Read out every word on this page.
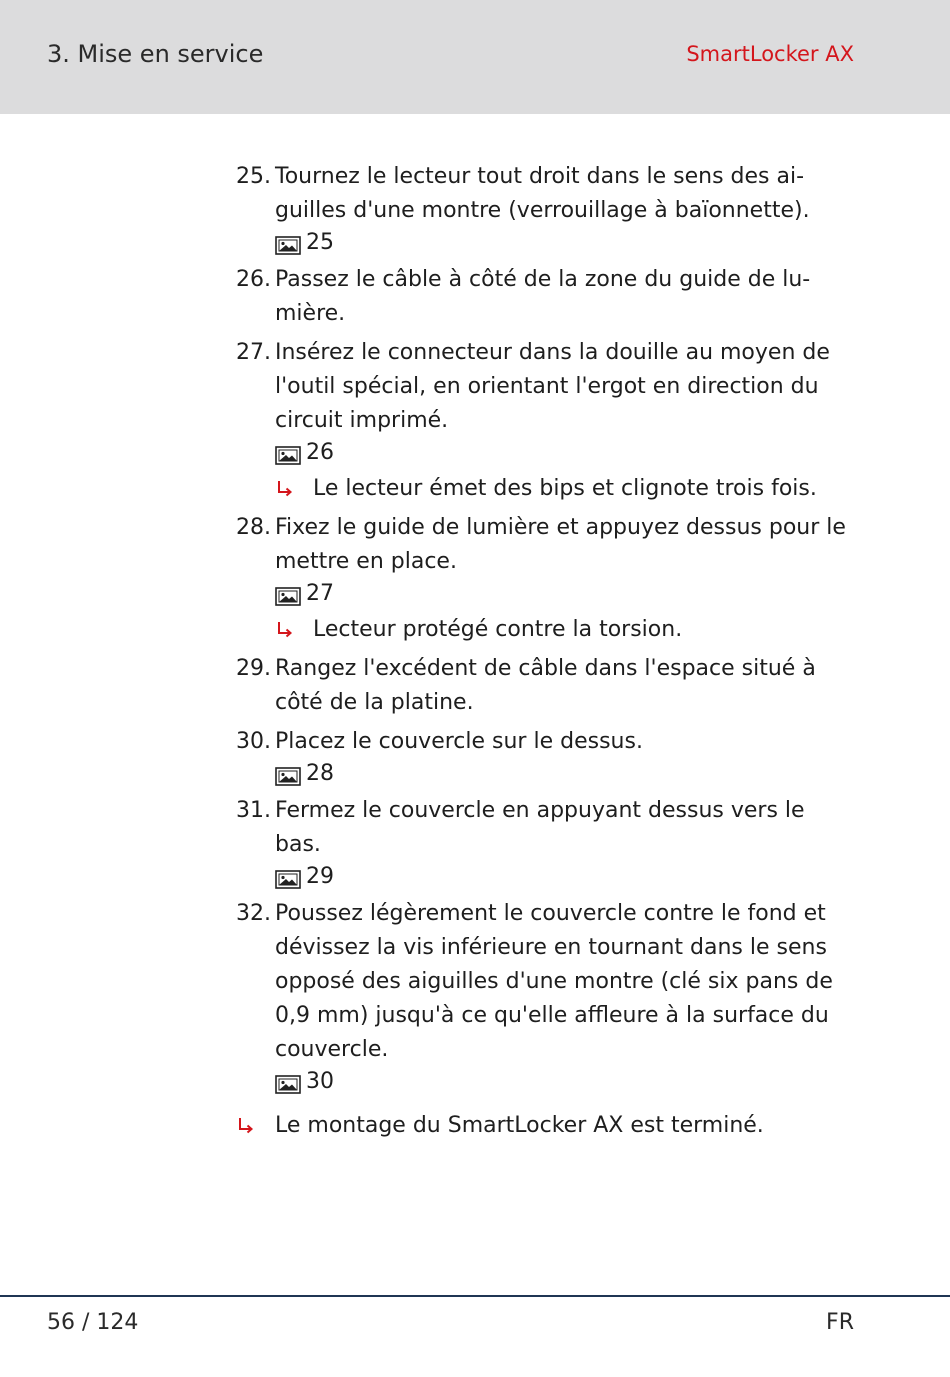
3. Mise en service	SmartLocker AX
25. Tournez le lecteur tout droit dans le sens des ai-
guilles d'une montre (verrouillage à baïonnette).
25
26. Passez le câble à côté de la zone du guide de lu-
mière.
27. Insérez le connecteur dans la douille au moyen de
l'outil spécial, en orientant l'ergot en direction du
circuit imprimé.
26
Le lecteur émet des bips et clignote trois fois.
28. Fixez le guide de lumière et appuyez dessus pour le
mettre en place.
27
Lecteur protégé contre la torsion.
29. Rangez l'excédent de câble dans l'espace situé à
côté de la platine.
30. Placez le couvercle sur le dessus.
28
31. Fermez le couvercle en appuyant dessus vers le
bas.
29
32. Poussez légèrement le couvercle contre le fond et
dévissez la vis inférieure en tournant dans le sens
opposé des aiguilles d'une montre (clé six pans de
0,9 mm) jusqu'à ce qu'elle affleure à la surface du
couvercle.
30
Le montage du SmartLocker AX est terminé.
56 / 124	FR
